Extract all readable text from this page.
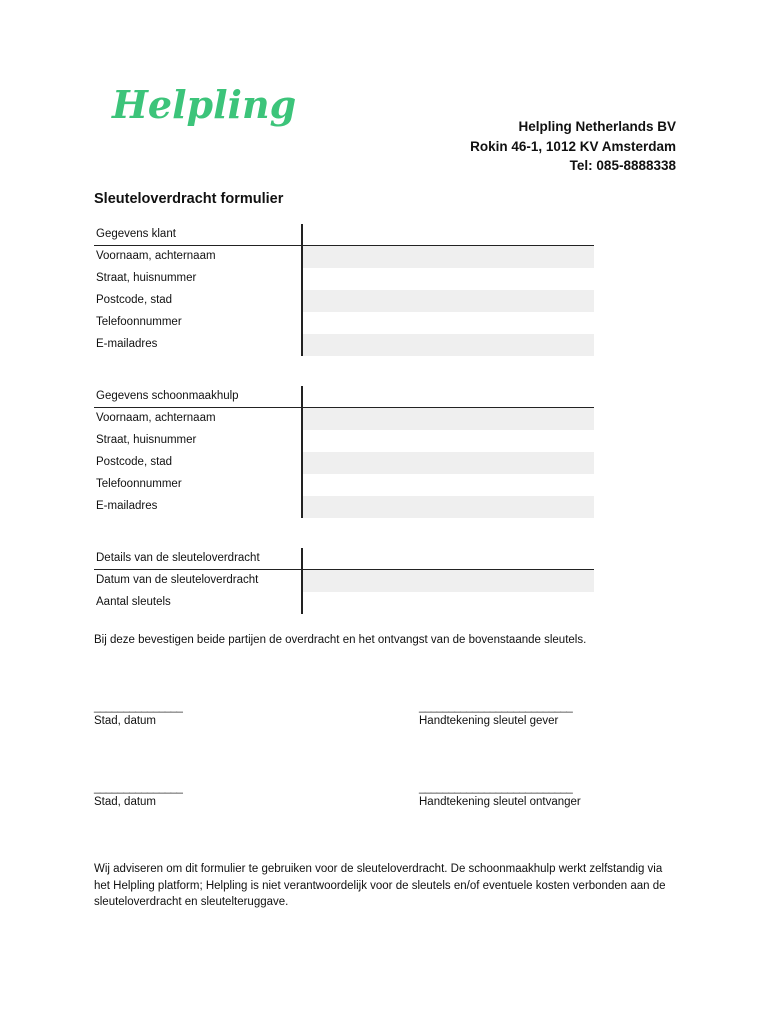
Helpling	Helpling Netherlands BV
Rokin 46-1, 1012 KV Amsterdam
Tel: 085-8888338
Sleuteloverdracht formulier
Gegevens klant
Voornaam, achternaam
Straat, huisnummer
Postcode, stad
Telefoonnummer
E-mailadres
Gegevens schoonmaakhulp
Voornaam, achternaam
Straat, huisnummer
Postcode, stad
Telefoonnummer
E-mailadres
Details van de sleuteloverdracht
Datum van de sleuteloverdracht
Aantal sleutels
Bij deze bevestigen beide partijen de overdracht en het ontvangst van de bovenstaande sleutels.
_______________
Stad, datum
__________________________
Handtekening sleutel gever
_______________
Stad, datum
__________________________
Handtekening sleutel ontvanger
Wij adviseren om dit formulier te gebruiken voor de sleuteloverdracht. De schoonmaakhulp werkt zelfstandig via het Helpling platform; Helpling is niet verantwoordelijk voor de sleutels en/of eventuele kosten verbonden aan de sleuteloverdracht en sleutelteruggave.
